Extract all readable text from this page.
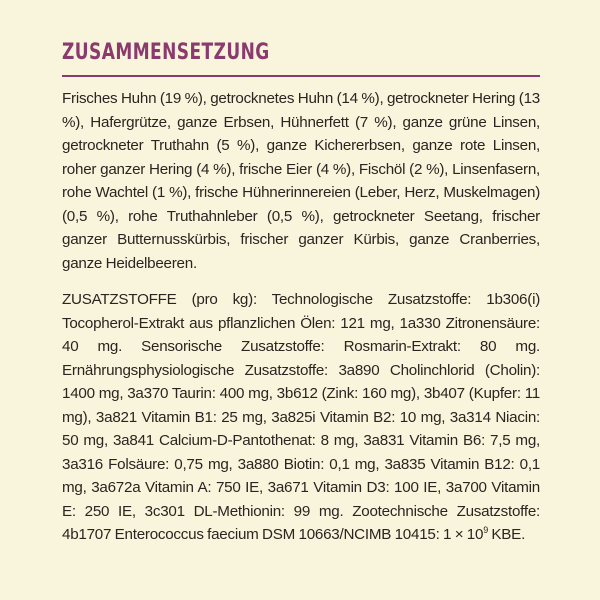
ZUSAMMENSETZUNG

Frisches Huhn (19 %), getrocknetes Huhn (14 %), getrockneter Hering (13 %), Hafergrütze, ganze Erbsen, Hühnerfett (7 %), ganze grüne Linsen, getrockneter Truthahn (5 %), ganze Kichererbsen, ganze rote Linsen, roher ganzer Hering (4 %), frische Eier (4 %), Fischöl (2 %), Linsenfasern, rohe Wachtel (1 %), frische Hühnerinnereien (Leber, Herz, Muskelmagen) (0,5 %), rohe Truthahnleber (0,5 %), getrockneter Seetang, frischer ganzer Butternusskürbis, frischer ganzer Kürbis, ganze Cranberries, ganze Heidelbeeren.

ZUSATZSTOFFE (pro kg): Technologische Zusatzstoffe: 1b306(i) Tocopherol-Extrakt aus pflanzlichen Ölen: 121 mg, 1a330 Zitronensäure: 40 mg. Sensorische Zusatzstoffe: Rosmarin-Extrakt: 80 mg. Ernährungsphysiologische Zusatzstoffe: 3a890 Cholinchlorid (Cholin): 1400 mg, 3a370 Taurin: 400 mg, 3b612 (Zink: 160 mg), 3b407 (Kupfer: 11 mg), 3a821 Vitamin B1: 25 mg, 3a825i Vitamin B2: 10 mg, 3a314 Niacin: 50 mg, 3a841 Calcium-D-Pantothenat: 8 mg, 3a831 Vitamin B6: 7,5 mg, 3a316 Folsäure: 0,75 mg, 3a880 Biotin: 0,1 mg, 3a835 Vitamin B12: 0,1 mg, 3a672a Vitamin A: 750 IE, 3a671 Vitamin D3: 100 IE, 3a700 Vitamin E: 250 IE, 3c301 DL-Methionin: 99 mg. Zootechnische Zusatzstoffe: 4b1707 Enterococcus faecium DSM 10663/NCIMB 10415: $1 \times 10^9$ KBE.
